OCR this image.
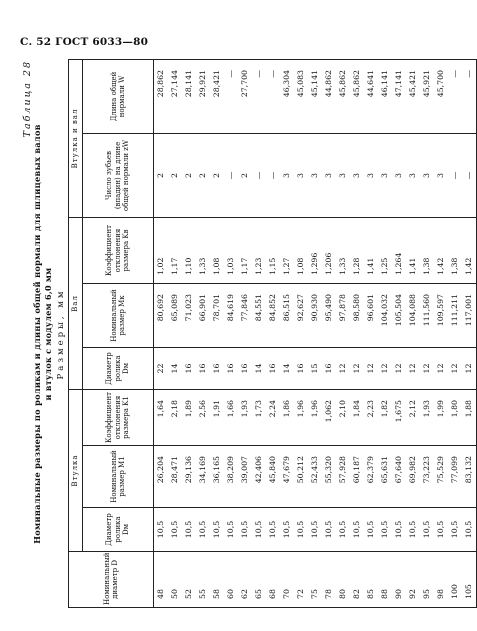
С. 52 ГОСТ 6033—80
Таблица 28
Номинальные размеры по роликам и длины общей нормали для шлицевых валов и втулок с модулем 6,0 мм Размеры, мм
Номинальный диаметр D	Втулка			Вал			Втулка и вал	
	Диаметр ролика Dм	Номинальный размер M1	Коэффициент отклонения размера K1	Диаметр ролика Dм	Номинальный размер Mк	Коэффициент отклонения размера Kв	Число зубьев (впадин) на длине общей нормали zW	Длина общей нормали W
48	10,5	26,204	1,64	22	80,692	1,02	2	28,862
50	10,5	28,471	2,18	14	65,089	1,17	2	27,144
52	10,5	29,136	1,89	16	71,023	1,10	2	28,141
55	10,5	34,169	2,56	16	66,901	1,33	2	29,921
58	10,5	36,165	1,91	16	78,701	1,08	2	28,421
60	10,5	38,209	1,66	16	84,619	1,03	—	—
62	10,5	39,007	1,93	16	77,846	1,17	2	27,700
65	10,5	42,406	1,73	14	84,551	1,23	—	—
68	10,5	45,840	2,24	16	84,852	1,15	—	—
70	10,5	47,679	1,86	14	86,515	1,27	3	46,304
72	10,5	50,212	1,96	16	92,627	1,08	3	45,083
75	10,5	52,433	1,96	15	90,930	1,296	3	45,141
78	10,5	55,320	1,062	16	95,490	1,206	3	44,862
80	10,5	57,928	2,10	12	97,878	1,33	3	45,862
82	10,5	60,187	1,84	12	98,580	1,28	3	45,862
85	10,5	62,379	2,23	12	96,601	1,41	3	44,641
88	10,5	65,631	1,82	12	104,032	1,25	3	46,141
90	10,5	67,640	1,675	12	105,504	1,264	3	47,141
92	10,5	69,982	2,12	12	104,088	1,41	3	45,421
95	10,5	73,223	1,93	12	111,560	1,38	3	45,921
98	10,5	75,529	1,99	12	109,597	1,42	3	45,700
100	10,5	77,099	1,80	12	111,211	1,38	—	—
105	10,5	83,132	1,88	12	117,001	1,42	—	—
